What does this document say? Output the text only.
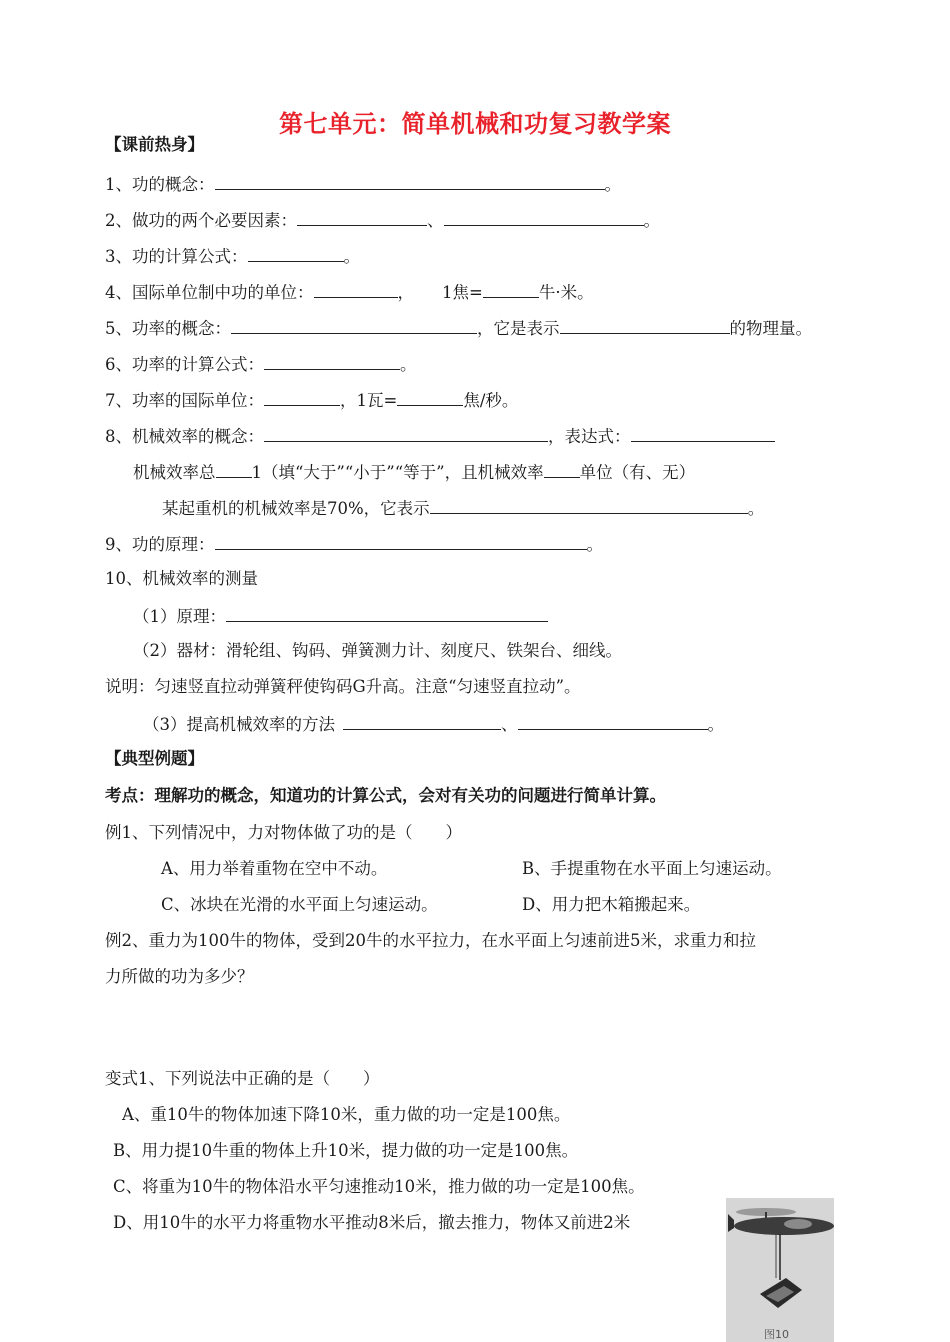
第七单元：简单机械和功复习教学案
【课前热身】
1、功的概念：	。
2、做功的两个必要因素：	、	。
3、功的计算公式：	。
4、国际单位制中功的单位：	， 1焦=	牛·米。
5、功率的概念：	，它是表示	的物理量。
6、功率的计算公式：	。
7、功率的国际单位：	，1瓦=	焦/秒。
8、机械效率的概念：	，表达式：
机械效率总 1（填“大于”“小于”“等于”，且机械效率 单位（有、无）
某起重机的机械效率是70%，它表示	。
9、功的原理：	。
10、机械效率的测量
（1）原理：
（2）器材：滑轮组、钩码、弹簧测力计、刻度尺、铁架台、细线。
说明：匀速竖直拉动弹簧秤使钩码G升高。注意“匀速竖直拉动”。
（3）提高机械效率的方法	、	。
【典型例题】
考点：理解功的概念，知道功的计算公式，会对有关功的问题进行简单计算。
例1、下列情况中，力对物体做了功的是（　　）
A、用力举着重物在空中不动。	B、手提重物在水平面上匀速运动。
C、冰块在光滑的水平面上匀速运动。	D、用力把木箱搬起来。
例2、重力为100牛的物体，受到20牛的水平拉力，在水平面上匀速前进5米，求重力和拉
力所做的功为多少？
变式1、下列说法中正确的是（　　）
A、重10牛的物体加速下降10米，重力做的功一定是100焦。
B、用力提10牛重的物体上升10米，提力做的功一定是100焦。
C、将重为10牛的物体沿水平匀速推动10米，推力做的功一定是100焦。
D、用10牛的水平力将重物水平推动8米后，撤去推力，物体又前进2米
图10
